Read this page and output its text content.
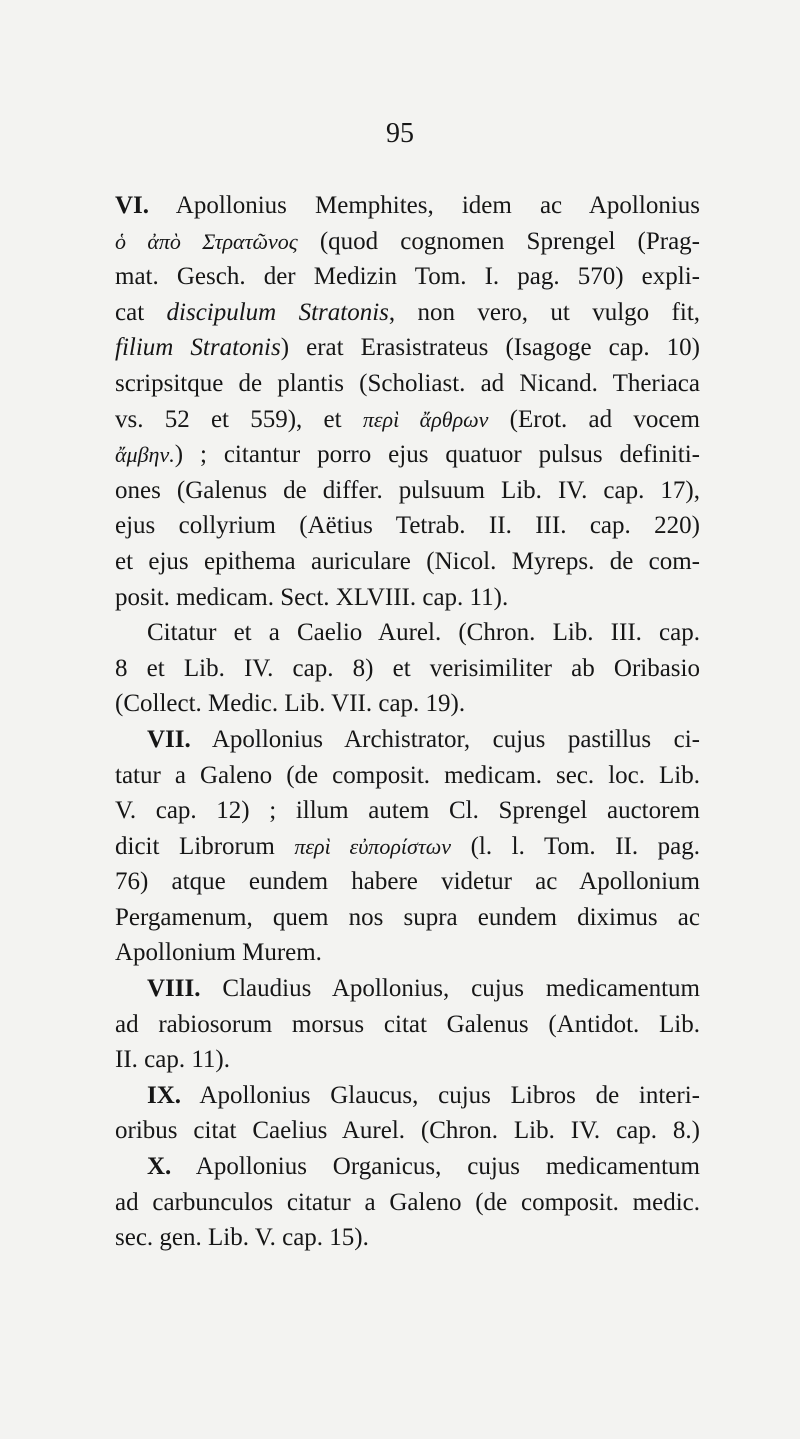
95
VI. Apollonius Memphites, idem ac Apollonius
ὁ ἀπὸ Στρατῶνος (quod cognomen Sprengel (Prag-
mat. Gesch. der Medizin Tom. I. pag. 570) expli-
cat discipulum Stratonis, non vero, ut vulgo fit,
filium Stratonis) erat Erasistrateus (Isagoge cap. 10)
scripsitque de plantis (Scholiast. ad Nicand. Theriaca
vs. 52 et 559), et περὶ ἄρθρων (Erot. ad vocem
ἄμβην.) ; citantur porro ejus quatuor pulsus definiti-
ones (Galenus de differ. pulsuum Lib. IV. cap. 17),
ejus collyrium (Aëtius Tetrab. II. III. cap. 220)
et ejus epithema auriculare (Nicol. Myreps. de com-
posit. medicam. Sect. XLVIII. cap. 11).
Citatur et a Caelio Aurel. (Chron. Lib. III. cap.
8 et Lib. IV. cap. 8) et verisimiliter ab Oribasio
(Collect. Medic. Lib. VII. cap. 19).
VII. Apollonius Archistrator, cujus pastillus ci-
tatur a Galeno (de composit. medicam. sec. loc. Lib.
V. cap. 12) ; illum autem Cl. Sprengel auctorem
dicit Librorum περὶ εὐπορίστων (l. l. Tom. II. pag.
76) atque eundem habere videtur ac Apollonium
Pergamenum, quem nos supra eundem diximus ac
Apollonium Murem.
VIII. Claudius Apollonius, cujus medicamentum
ad rabiosorum morsus citat Galenus (Antidot. Lib.
II. cap. 11).
IX. Apollonius Glaucus, cujus Libros de interi-
oribus citat Caelius Aurel. (Chron. Lib. IV. cap. 8.)
X. Apollonius Organicus, cujus medicamentum
ad carbunculos citatur a Galeno (de composit. medic.
sec. gen. Lib. V. cap. 15).
